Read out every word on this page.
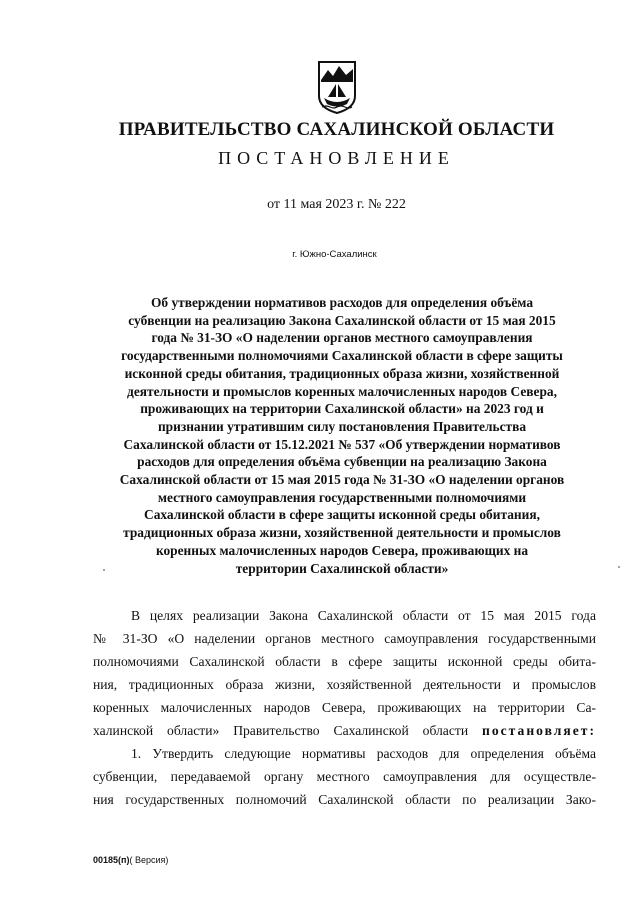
ПРАВИТЕЛЬСТВО САХАЛИНСКОЙ ОБЛАСТИ
ПОСТАНОВЛЕНИЕ

от 11 мая 2023 г. № 222

г. Южно-Сахалинск

Об утверждении нормативов расходов для определения объёма
субвенции на реализацию Закона Сахалинской области от 15 мая 2015
года № 31-ЗО «О наделении органов местного самоуправления
государственными полномочиями Сахалинской области в сфере защиты
исконной среды обитания, традиционных образа жизни, хозяйственной
деятельности и промыслов коренных малочисленных народов Севера,
проживающих на территории Сахалинской области» на 2023 год и
признании утратившим силу постановления Правительства
Сахалинской области от 15.12.2021 № 537 «Об утверждении нормативов
расходов для определения объёма субвенции на реализацию Закона
Сахалинской области от 15 мая 2015 года № 31-ЗО «О наделении органов
местного самоуправления государственными полномочиями
Сахалинской области в сфере защиты исконной среды обитания,
традиционных образа жизни, хозяйственной деятельности и промыслов
коренных малочисленных народов Севера, проживающих на
территории Сахалинской области»
В целях реализации Закона Сахалинской области от 15 мая 2015 года
№ 31-ЗО «О наделении органов местного самоуправления государственными
полномочиями Сахалинской области в сфере защиты исконной среды обита-
ния, традиционных образа жизни, хозяйственной деятельности и промыслов
коренных малочисленных народов Севера, проживающих на территории Са-
халинской области» Правительство Сахалинской области постановляет:
1. Утвердить следующие нормативы расходов для определения объёма
субвенции, передаваемой органу местного самоуправления для осуществле-
ния государственных полномочий Сахалинской области по реализации Зако-

00185(п)( Версия)
